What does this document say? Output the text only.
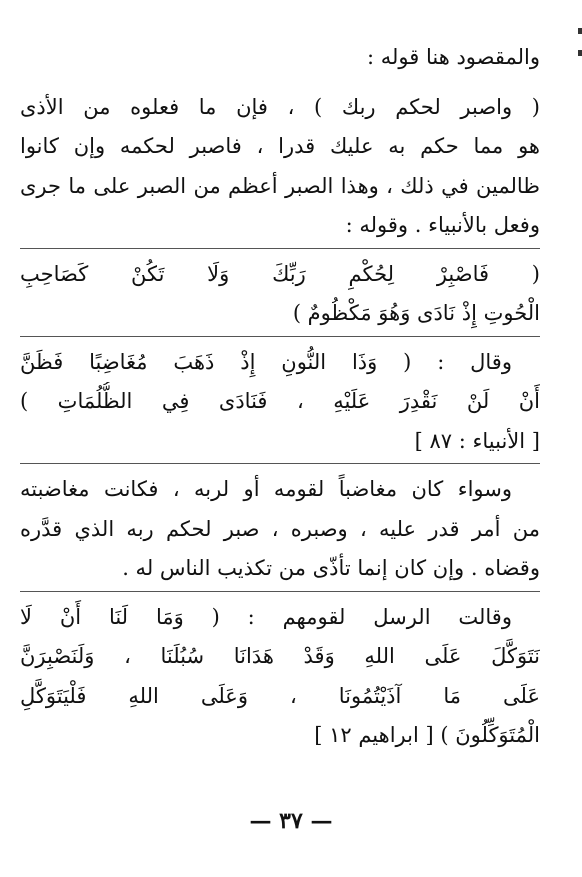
والمقصود هنا قوله :
( واصبر لحكم ربك ) ، فإن ما فعلوه من الأذى
هو مما حكم به عليك قدرا ، فاصبر لحكمه وإن كانوا
ظالمين في ذلك ، وهذا الصبر أعظم من الصبر على ما جرى
وفعل بالأنبياء . وقوله :
( فَاصْبِرْ لِحُكْمِ رَبِّكَ وَلَا تَكُنْ كَصَاحِبِ
الْحُوتِ إِذْ نَادَى وَهُوَ مَكْظُومٌ )
وقال : ( وَذَا النُّونِ إِذْ ذَهَبَ مُغَاضِبًا فَظَنَّ
أَنْ لَنْ نَقْدِرَ عَلَيْهِ ، فَنَادَى فِي الظُّلُمَاتِ )
[ الأنبياء : ٨٧ ]
وسواء كان مغاضباً لقومه أو لربه ، فكانت مغاضبته
من أمر قدر عليه ، وصبره ، صبر لحكم ربه الذي قدَّره
وقضاه . وإن كان إنما تأذّى من تكذيب الناس له .
وقالت الرسل لقومهم : ( وَمَا لَنَا أَنْ لَا
نَتَوَكَّلَ عَلَى اللهِ وَقَدْ هَدَانَا سُبُلَنَا ، وَلَنَصْبِرَنَّ
عَلَى مَا آذَيْتُمُونَا ، وَعَلَى اللهِ فَلْيَتَوَكَّلِ
الْمُتَوَكِّلُونَ ) [ ابراهيم ١٢ ]
— ٣٧ —
